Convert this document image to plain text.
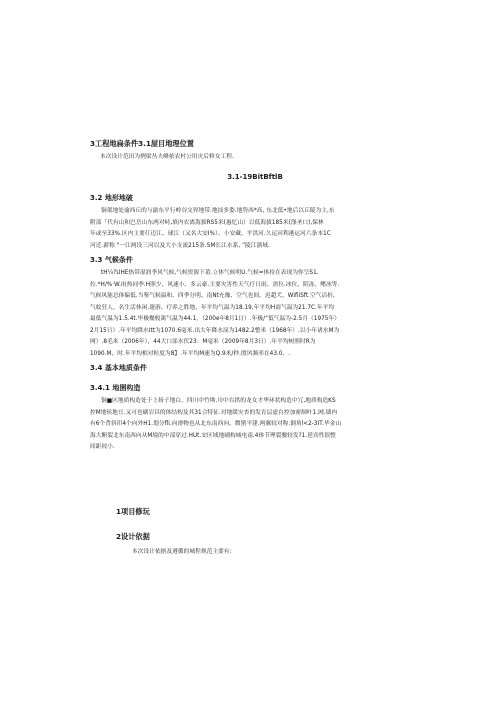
3工程地扁条件3.1屋目地理位置
本次设计范田为例梁丛夫峰依农村公用灾后修女工程.
3.1-19BitBftlB
3.2 地形地破
铜架地处谕西丘的与渝东平行岭谷交界地带.地技多姿.地势西*高, 东北低•地后以丘陵为主,东
附部「代有山和巴岳山东两对峙,填内农离海拔RS5米(惠忆山）以低海拔185米(涤圣口),保林
年或至33%.区内主要仃迈江、球江（又名大安Ⅰ%）、小安藏、平洪河.久运河利港运河六条本1C
河近.薪称 "一江两设三河以及大小支流215条.SM长江水系, ”陵江浙域.
3.3 气候条件
tH¼?UHE热带湿润季风气候,气候资源下莆.立体气候明U.气候=体持在表现为你呈S1.
拉.*H/%·W.雨热同季.H照少、风速小、多云豪.主要灾害性天气疗日雨、需位.冰位、阴冻、鳍冰等.
气候风能总体偏低.当鉴气候温和、四季分明、南Nt充豫、空气也间、迟超犬、WifiiSft.空气洁折,
气蚊狂人，名生活休闲.邃游、疗养之胜地、年平均气温为18.19,年平均H商气温为21.7C.年平均
最低气温为1.5.4t.毕极餐般篱气温为44.1，（200e年8月1日）.年极/“低气温为-2.5月（1975年）
2月15日）.年平均降水Itt为1070.6毫米.出大年降水尿为1482.2整米（1968年）.以小年诸水M为
网）.8毛米（2006年），44大口部水伏23：M毫米（2009年8月3日）.年平均树照时R为
1090.M、时.年平均相对粒度为8】.年平均M速为Q.9米/秒.殷风频率在43.0、.
3.4 基本地质条件
3.4.1 地圉构造
铜■区地质构造处于上扬子地白、四川中竹坳.川中台拱的龙女才华环状构造中冗,地质构造KS
控M地侯地亘.又可也刷岩昌的体结构及其31合特征.对地缓灾杏的发育层虚台控加密制叶1.网.墙内
有6个背斜印4个向外H1.划分fli.向滑物也从北东南西向、微猪平建.两翼较对称.倒角l<2-3IT.毕金山
海大断裂北东南西向从M境的中部穿过.HUt.安区域地刷构城电南.4体节理裂腰较发?1.延宾性很整
间距较小.
1项目修玩
2设计依据
本次设计依据及遵循的城程规范主要有:
